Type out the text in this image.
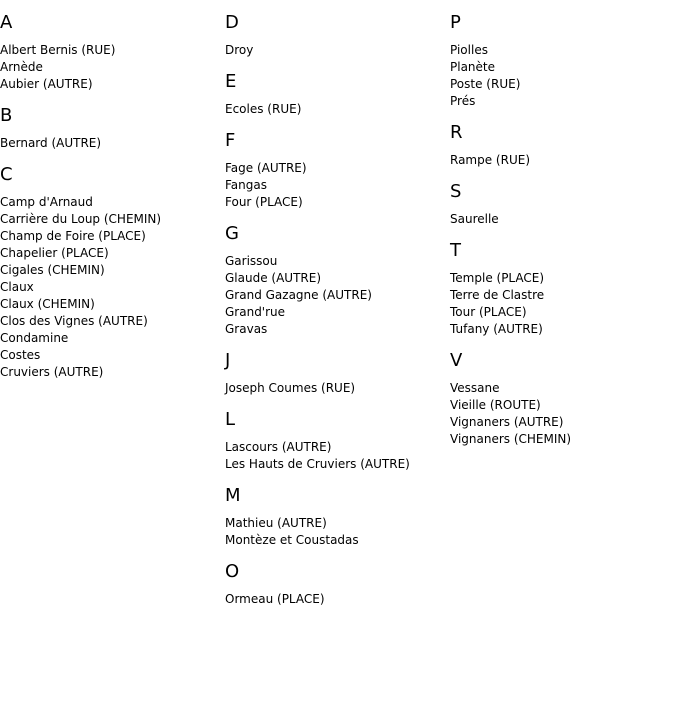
A
Albert Bernis (RUE)
Arnède
Aubier (AUTRE)
B
Bernard (AUTRE)
C
Camp d'Arnaud
Carrière du Loup (CHEMIN)
Champ de Foire (PLACE)
Chapelier (PLACE)
Cigales (CHEMIN)
Claux
Claux (CHEMIN)
Clos des Vignes (AUTRE)
Condamine
Costes
Cruviers (AUTRE)
D
Droy
E
Ecoles (RUE)
F
Fage (AUTRE)
Fangas
Four (PLACE)
G
Garissou
Glaude (AUTRE)
Grand Gazagne (AUTRE)
Grand'rue
Gravas
J
Joseph Coumes (RUE)
L
Lascours (AUTRE)
Les Hauts de Cruviers (AUTRE)
M
Mathieu (AUTRE)
Montèze et Coustadas
O
Ormeau (PLACE)
P
Piolles
Planète
Poste (RUE)
Prés
R
Rampe (RUE)
S
Saurelle
T
Temple (PLACE)
Terre de Clastre
Tour (PLACE)
Tufany (AUTRE)
V
Vessane
Vieille (ROUTE)
Vignaners (AUTRE)
Vignaners (CHEMIN)
